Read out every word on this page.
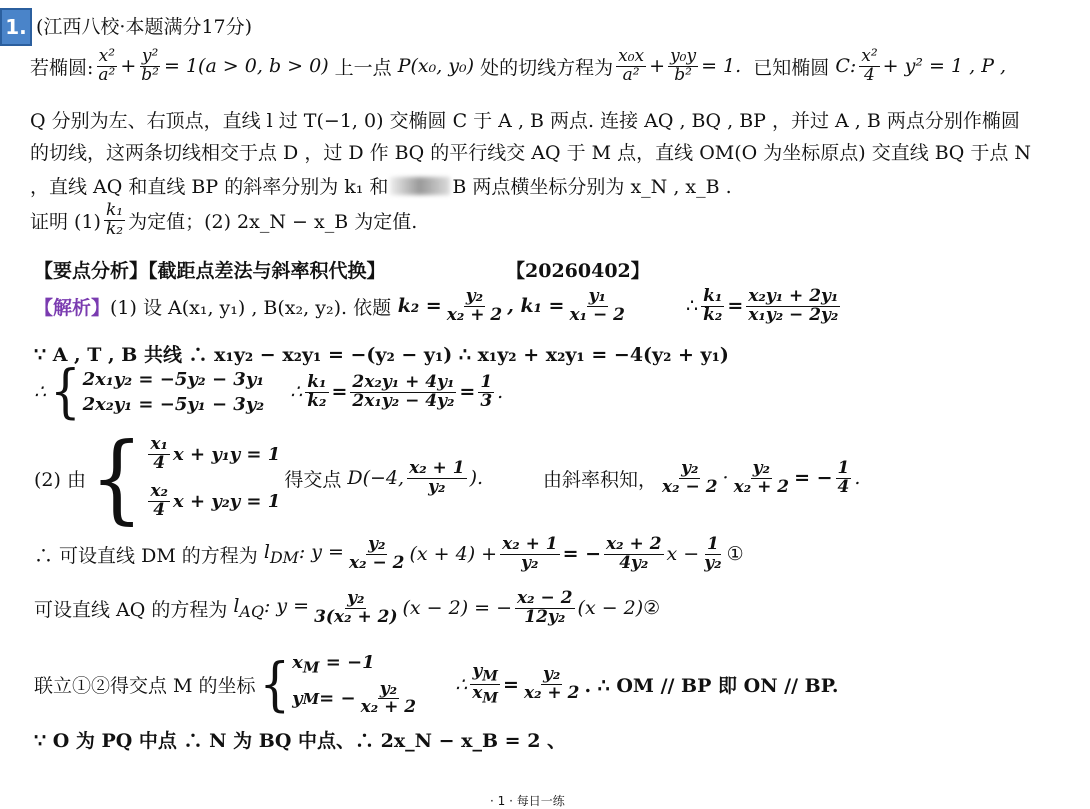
1. (江西八校·本题满分17分)
若椭圆: $\frac{\text{x²}}{\text{a²}} + \frac{\text{y²}}{\text{b²}} = 1(a > 0$, b > 0) 上一点 P(x₀, y₀) 处的切线方程为 $\frac{\text{x₀x}}{\text{a²}} + \frac{\text{y₀y}}{\text{b²}} = 1$. 已知椭圆 C: $\frac{\text{x²}}{4} + y^2 = 1$ , P ,
Q 分别为左、右顶点，直线 l 过 T(−1, 0) 交椭圆 C 于 A , B 两点. 连接 AQ , BQ , BP ，并过 A , B 两点分别作椭圆
的切线，这两条切线相交于点 D ，过 D 作 BQ 的平行线交 AQ 于 M 点，直线 OM(O 为坐标原点) 交直线 BQ 于点 N
，直线 AQ 和直线 BP 的斜率分别为 k₁ 和	B 两点横坐标分别为 x_N , x_B .
证明 $(1) \frac{\text{k₁}}{\text{k₂}}$ 为定值；(2) 2x_N − x_B 为定值.
【要点分析】【截距点差法与斜率积代换】	【20260402】
【解析】 (1) 设 A(x₁, y₁) , B(x₂, y₂). 依题 $k_2 = \frac{\text{y₂}}{\text{x₂ + 2}}$ , $k_1 = \frac{\text{y₁}}{\text{x₁ − 2}}$	∴ $\frac{\text{k₁}}{\text{k₂}} = \frac{\text{x₂y₁ + 2y₁}}{\text{x₁y₂ − 2y₂}}$
∵ A , T , B 共线 ∴ x₁y₂ − x₂y₁ = −(y₂ − y₁) ∴ x₁y₂ + x₂y₁ = −4(y₂ + y₁)
∴ { 2x₁y₂ = −5y₂ − 3y₁
2x₂y₁ = −5y₁ − 3y₂
∴ $\frac{\text{k₁}}{\text{k₂}} = \frac{\text{2x₂y₁ + 4y₁}}{\text{2x₁y₂ − 4y₂}} = \frac{1}{3}$ .
(2) 由 { $\frac{\text{x₁}}{4}$ x + y₁y = 1
$\frac{\text{x₂}}{4}$ x + y₂y = 1
得交点 D(−4, $\frac{\text{x₂ + 1}}{\text{y₂}}$ ).	由斜率积知， $\frac{\text{y₂}}{\text{x₂ − 2}} \cdot \frac{\text{y₂}}{\text{x₂ + 2}}$ = − $\frac{1}{4}$ .
∴ 可设直线 DM 的方程为 $l_{DM}$: $y = \frac{\text{y₂}}{\text{x₂ − 2}} (x + 4) + \frac{\text{x₂ + 1}}{\text{y₂}}$ = − $\frac{\text{x₂ + 2}}{\text{4y₂}}$ $x - \frac{1}{\text{y₂}}$ ①
可设直线 AQ 的方程为 $l_{AQ}$: $y = \frac{\text{y₂}}{\text{3(x₂ + 2)}} (x - 2)$ = − $\frac{\text{x₂ − 2}}{\text{12y₂}} (x - 2)$ ②
联立①②得交点 M 的坐标 { $x_M = -1$
y M = − $\frac{\text{y₂}}{\text{x₂ + 2}}$ ∴ $\frac{y_M}{x_M} = \frac{\text{y₂}}{\text{x₂ + 2}}$ . ∴ OM // BP 即 ON // BP.
∵ O 为 PQ 中点 ∴ N 为 BQ 中点、∴ 2x_N − x_B = 2 、
· 1 · 每日一练
